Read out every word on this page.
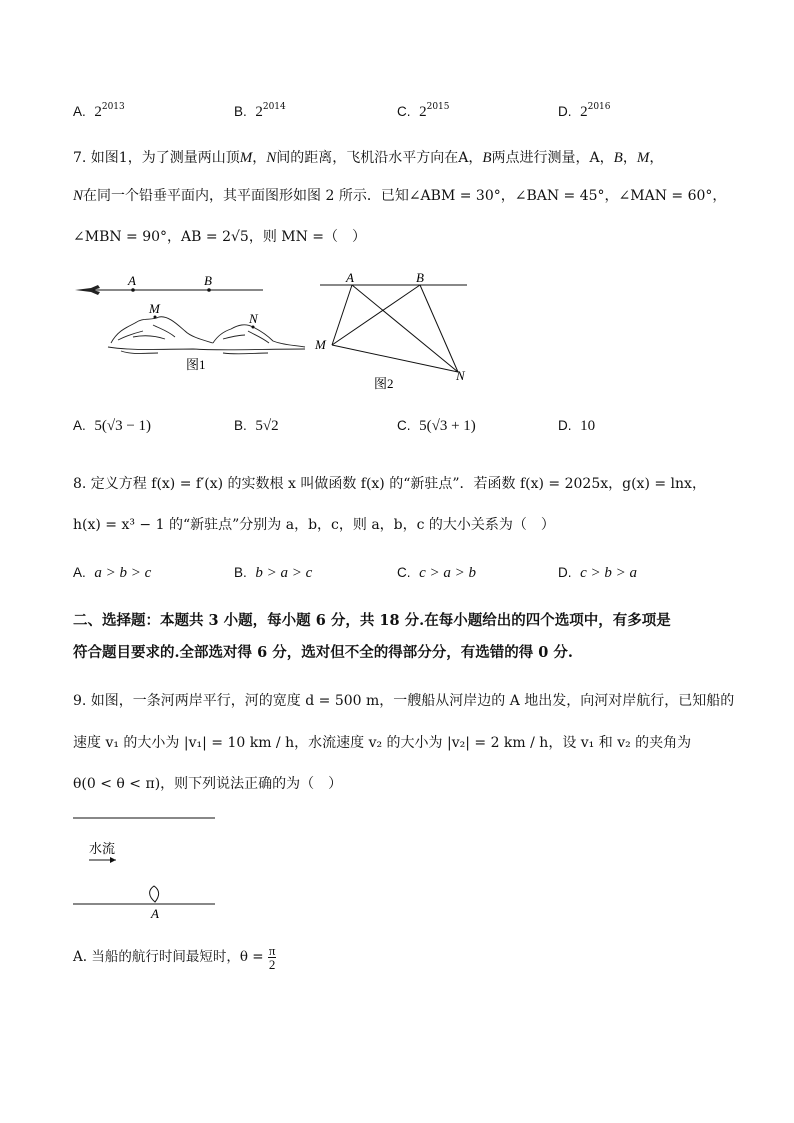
A. $2^{2013}$	B. $2^{2014}$	C. $2^{2015}$	D. $2^{2016}$
7. 如图1，为了测量两山顶M，N间的距离，飞机沿水平方向在A，B两点进行测量，A，B，M，
N在同一个铅垂平面内，其平面图形如图 2 所示．已知∠ABM = 30°，∠BAN = 45°，∠MAN = 60°，
∠MBN = 90°，AB = 2√5，则 MN =（　）
A	B
M
N
图1
A	B
M
N
图2
A. 5(√3 − 1)	B. 5√2	C. 5(√3 + 1)	D. 10
8. 定义方程 f(x) = f′(x) 的实数根 x 叫做函数 f(x) 的“新驻点”．若函数 f(x) = 2025x，g(x) = lnx，
h(x) = x³ − 1 的“新驻点”分别为 a，b，c，则 a，b，c 的大小关系为（　）
A. a > b > c	B. b > a > c	C. c > a > b	D. c > b > a
二、选择题：本题共 3 小题，每小题 6 分，共 18 分.在每小题给出的四个选项中，有多项是
符合题目要求的.全部选对得 6 分，选对但不全的得部分分，有选错的得 0 分.
9. 如图，一条河两岸平行，河的宽度 d = 500 m，一艘船从河岸边的 A 地出发，向河对岸航行，已知船的
速度 v₁ 的大小为 |v₁| = 10 km / h，水流速度 v₂ 的大小为 |v₂| = 2 km / h，设 v₁ 和 v₂ 的夹角为
θ(0 < θ < π)，则下列说法正确的为（　）
水流
A
A. 当船的航行时间最短时，$\theta = \frac{\pi}{2}$
